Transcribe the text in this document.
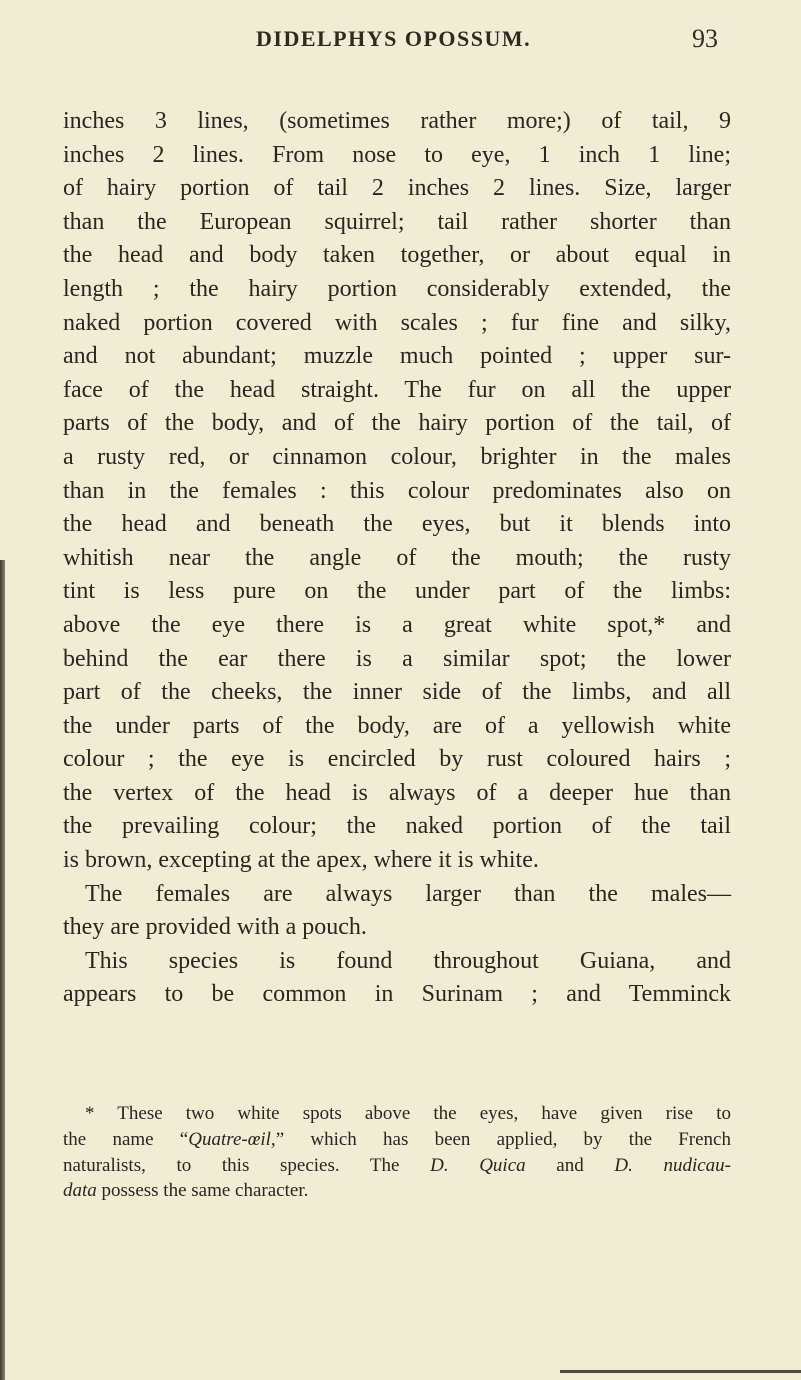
DIDELPHYS OPOSSUM.	93
inches 3 lines, (sometimes rather more;) of tail, 9
inches 2 lines. From nose to eye, 1 inch 1 line;
of hairy portion of tail 2 inches 2 lines. Size, larger
than the European squirrel; tail rather shorter than
the head and body taken together, or about equal in
length ; the hairy portion considerably extended, the
naked portion covered with scales ; fur fine and silky,
and not abundant; muzzle much pointed ; upper sur-
face of the head straight. The fur on all the upper
parts of the body, and of the hairy portion of the tail, of
a rusty red, or cinnamon colour, brighter in the males
than in the females : this colour predominates also on
the head and beneath the eyes, but it blends into
whitish near the angle of the mouth; the rusty
tint is less pure on the under part of the limbs:
above the eye there is a great white spot,* and
behind the ear there is a similar spot; the lower
part of the cheeks, the inner side of the limbs, and all
the under parts of the body, are of a yellowish white
colour ; the eye is encircled by rust coloured hairs ;
the vertex of the head is always of a deeper hue than
the prevailing colour; the naked portion of the tail
is brown, excepting at the apex, where it is white.
The females are always larger than the males—
they are provided with a pouch.
This species is found throughout Guiana, and
appears to be common in Surinam ; and Temminck
* These two white spots above the eyes, have given rise to
the name “Quatre-œil,” which has been applied, by the French
naturalists, to this species. The D. Quica and D. nudicau-
data possess the same character.
